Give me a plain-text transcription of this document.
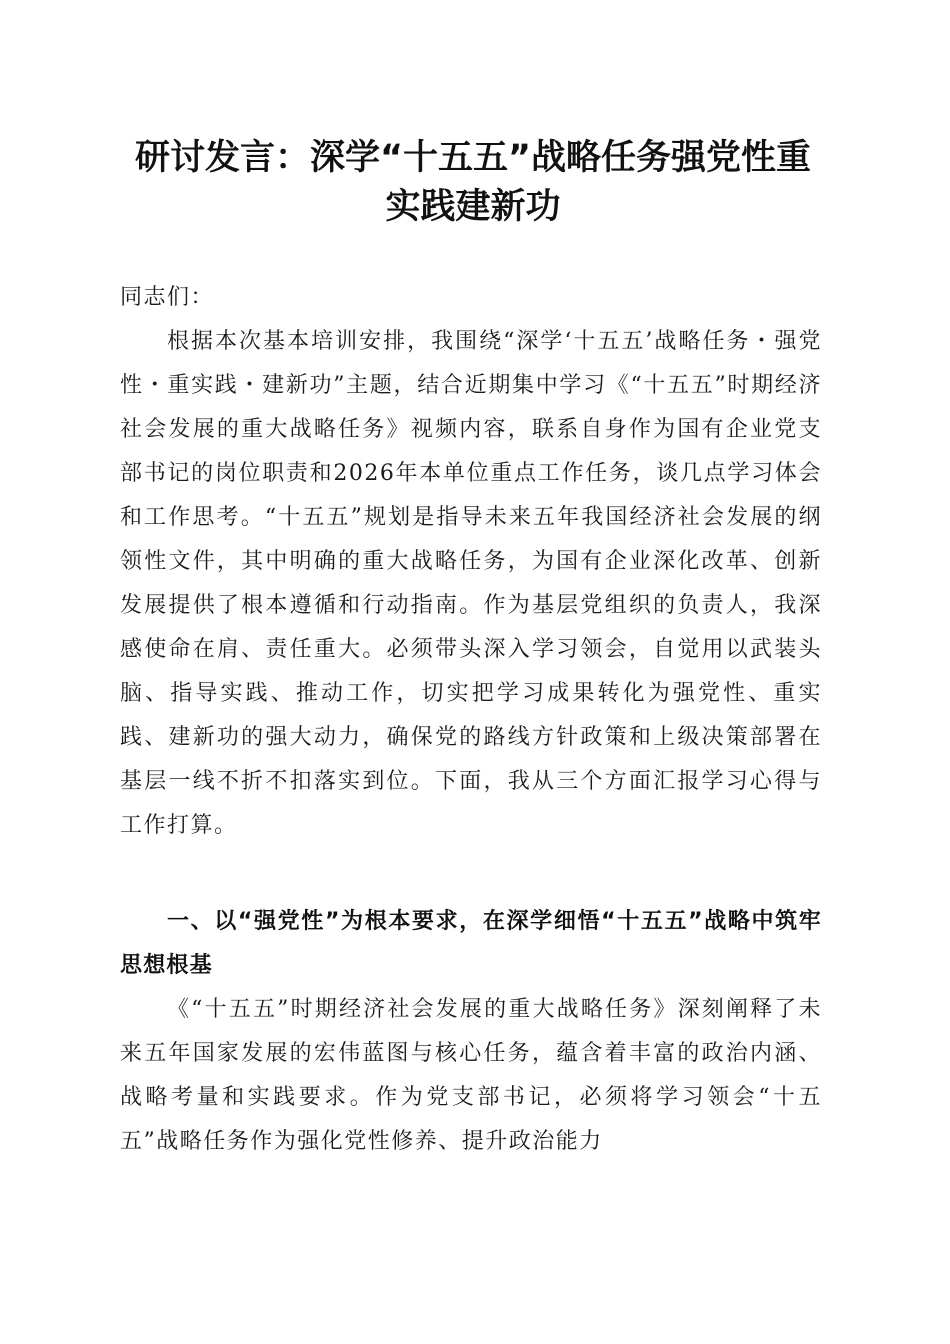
研讨发言：深学“十五五”战略任务强党性重
实践建新功

同志们：

根据本次基本培训安排，我围绕“深学‘十五五’战略任务・强党性・重实践・建新功”主题，结合近期集中学习《“十五五”时期经济社会发展的重大战略任务》视频内容，联系自身作为国有企业党支部书记的岗位职责和2026年本单位重点工作任务，谈几点学习体会和工作思考。“十五五”规划是指导未来五年我国经济社会发展的纲领性文件，其中明确的重大战略任务，为国有企业深化改革、创新发展提供了根本遵循和行动指南。作为基层党组织的负责人，我深感使命在肩、责任重大。必须带头深入学习领会，自觉用以武装头脑、指导实践、推动工作，切实把学习成果转化为强党性、重实践、建新功的强大动力，确保党的路线方针政策和上级决策部署在基层一线不折不扣落实到位。下面，我从三个方面汇报学习心得与工作打算。

一、以“强党性”为根本要求，在深学细悟“十五五”战略中筑牢思想根基

《“十五五”时期经济社会发展的重大战略任务》深刻阐释了未来五年国家发展的宏伟蓝图与核心任务，蕴含着丰富的政治内涵、战略考量和实践要求。作为党支部书记，必须将学习领会“十五五”战略任务作为强化党性修养、提升政治能力
